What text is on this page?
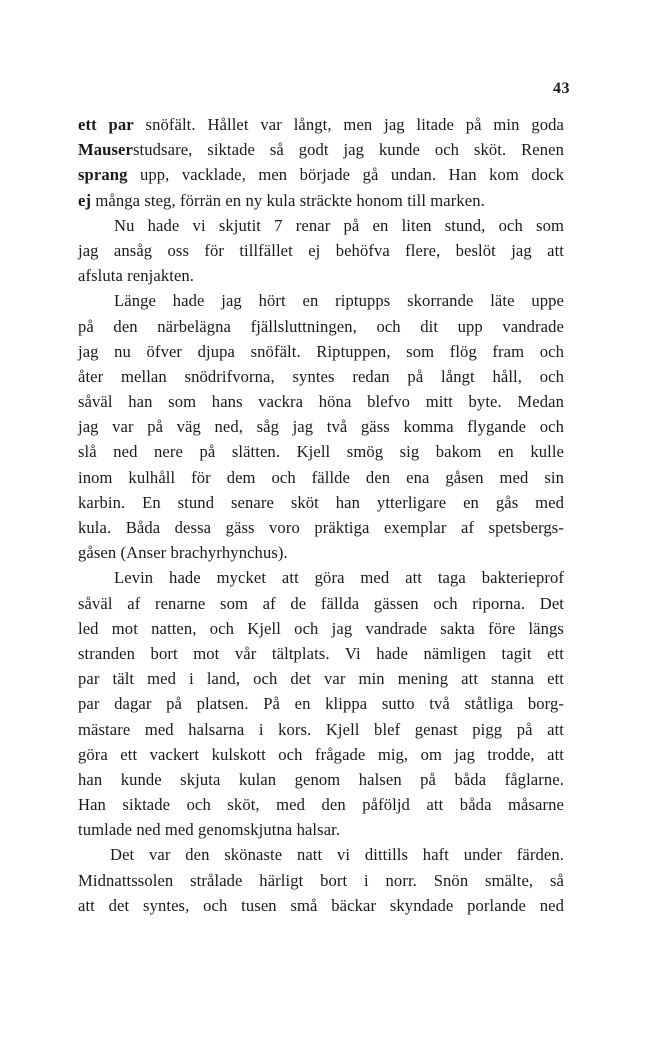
43
ett par snöfält. Hållet var långt, men jag litade på min goda
Mauserstudsare, siktade så godt jag kunde och sköt. Renen
sprang upp, vacklade, men började gå undan. Han kom dock
ej många steg, förrän en ny kula sträckte honom till marken.
Nu hade vi skjutit 7 renar på en liten stund, och som
jag ansåg oss för tillfället ej behöfva flere, beslöt jag att
afsluta renjakten.
Länge hade jag hört en riptupps skorrande läte uppe
på den närbelägna fjällsluttningen, och dit upp vandrade
jag nu öfver djupa snöfält. Riptuppen, som flög fram och
åter mellan snödrifvorna, syntes redan på långt håll, och
såväl han som hans vackra höna blefvo mitt byte. Medan
jag var på väg ned, såg jag två gäss komma flygande och
slå ned nere på slätten. Kjell smög sig bakom en kulle
inom kulhåll för dem och fällde den ena gåsen med sin
karbin. En stund senare sköt han ytterligare en gås med
kula. Båda dessa gäss voro präktiga exemplar af spetsbergs-
gåsen (Anser brachyrhynchus).
Levin hade mycket att göra med att taga bakterieprof
såväl af renarne som af de fällda gässen och riporna. Det
led mot natten, och Kjell och jag vandrade sakta före längs
stranden bort mot vår tältplats. Vi hade nämligen tagit ett
par tält med i land, och det var min mening att stanna ett
par dagar på platsen. På en klippa sutto två ståtliga borg-
mästare med halsarna i kors. Kjell blef genast pigg på att
göra ett vackert kulskott och frågade mig, om jag trodde, att
han kunde skjuta kulan genom halsen på båda fåglarne.
Han siktade och sköt, med den påföljd att båda måsarne
tumlade ned med genomskjutna halsar.
Det var den skönaste natt vi dittills haft under färden.
Midnattssolen strålade härligt bort i norr. Snön smälte, så
att det syntes, och tusen små bäckar skyndade porlande ned
